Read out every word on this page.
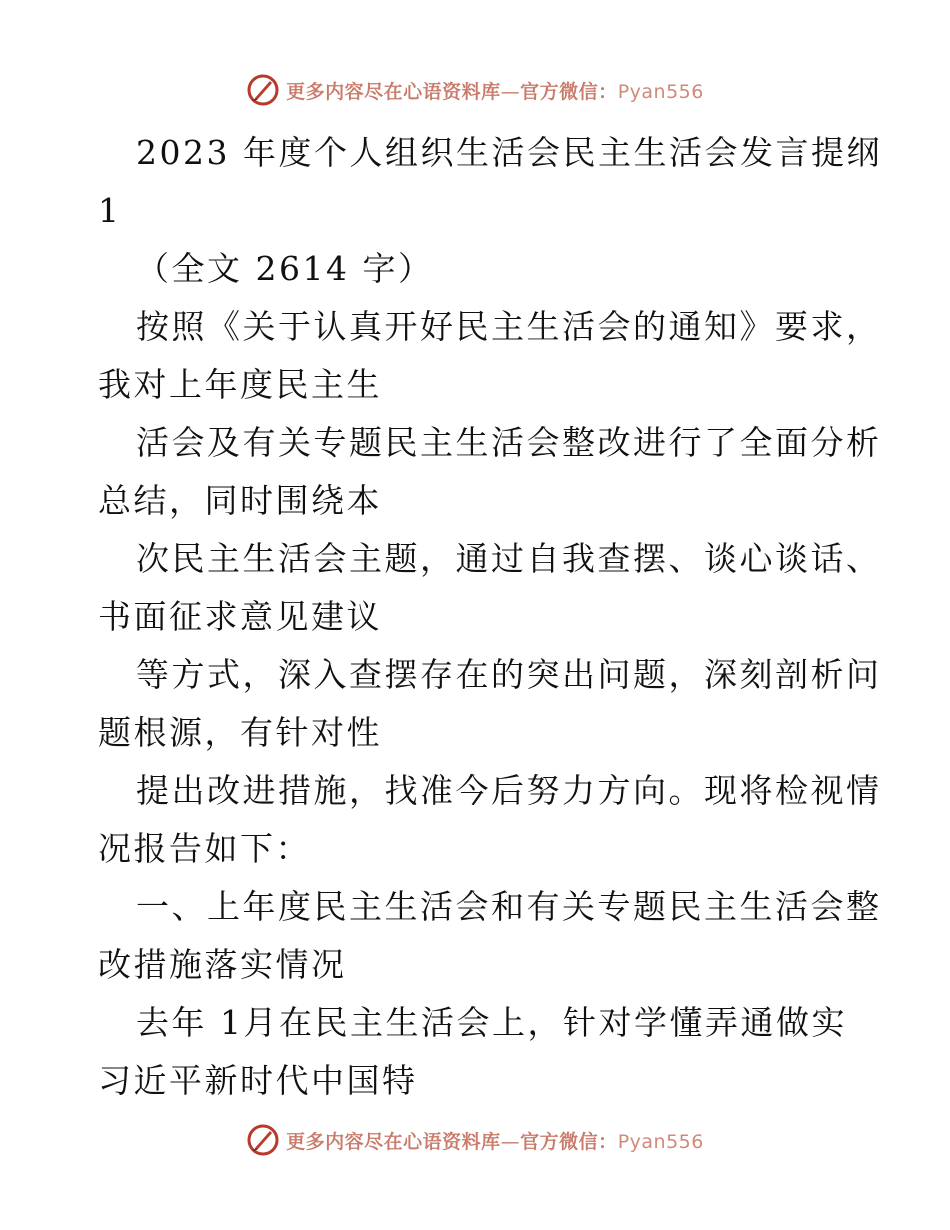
更多内容尽在心语资料库—官方微信：Pyan556
2023 年度个人组织生活会民主生活会发言提纲
1
（全文 2614 字）
按照《关于认真开好民主生活会的通知》要求，
我对上年度民主生
活会及有关专题民主生活会整改进行了全面分析
总结，同时围绕本
次民主生活会主题，通过自我查摆、谈心谈话、
书面征求意见建议
等方式，深入查摆存在的突出问题，深刻剖析问
题根源，有针对性
提出改进措施，找准今后努力方向。现将检视情
况报告如下：
一、上年度民主生活会和有关专题民主生活会整
改措施落实情况
去年 1月在民主生活会上，针对学懂弄通做实
习近平新时代中国特
更多内容尽在心语资料库—官方微信：Pyan556
